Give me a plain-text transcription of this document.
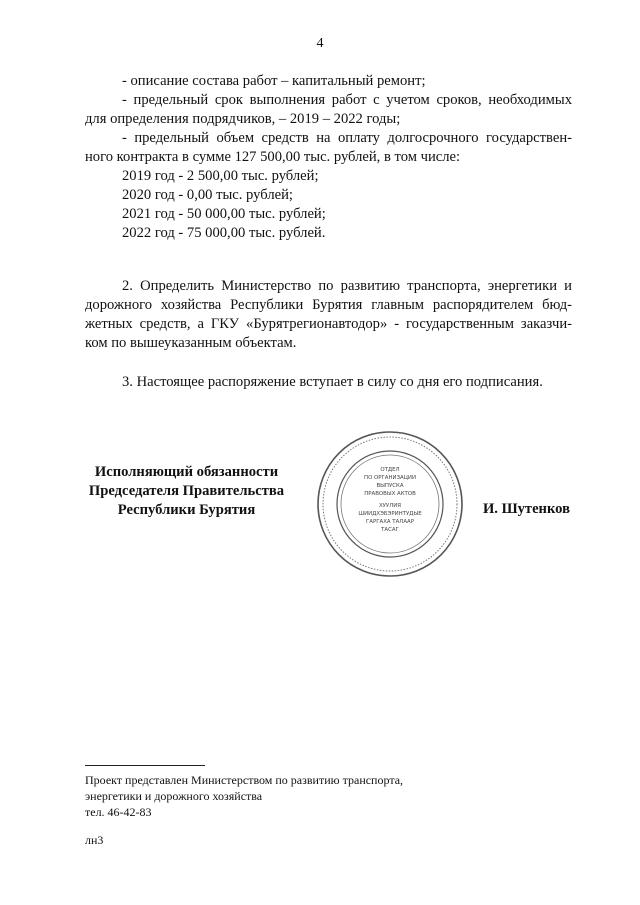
4
- описание состава работ – капитальный ремонт;
- предельный срок выполнения работ с учетом сроков, необходимых
для определения подрядчиков, – 2019 – 2022 годы;
- предельный объем средств на оплату долгосрочного государствен-
ного контракта в сумме 127 500,00 тыс. рублей, в том числе:
2019 год - 2 500,00 тыс. рублей;
2020 год - 0,00 тыс. рублей;
2021 год - 50 000,00 тыс. рублей;
2022 год - 75 000,00 тыс. рублей.
2. Определить Министерство по развитию транспорта, энергетики и
дорожного хозяйства Республики Бурятия главным распорядителем бюд-
жетных средств, а ГКУ «Бурятрегионавтодор» - государственным заказчи-
ком по вышеуказанным объектам.
3. Настоящее распоряжение вступает в силу со дня его подписания.
Исполняющий обязанности
Председателя Правительства
Республики Бурятия
ОТДЕЛ
ПО ОРГАНИЗАЦИИ
ВЫПУСКА
ПРАВОВЫХ АКТОВ
ХУУЛИЯ
ШИИДХЭБЭРИНТУДЫЕ
ГАРГАХА ТАЛААР
ТАСАГ
И. Шутенков
Проект представлен Министерством по развитию транспорта,
энергетики и дорожного хозяйства
тел. 46-42-83
лн3
